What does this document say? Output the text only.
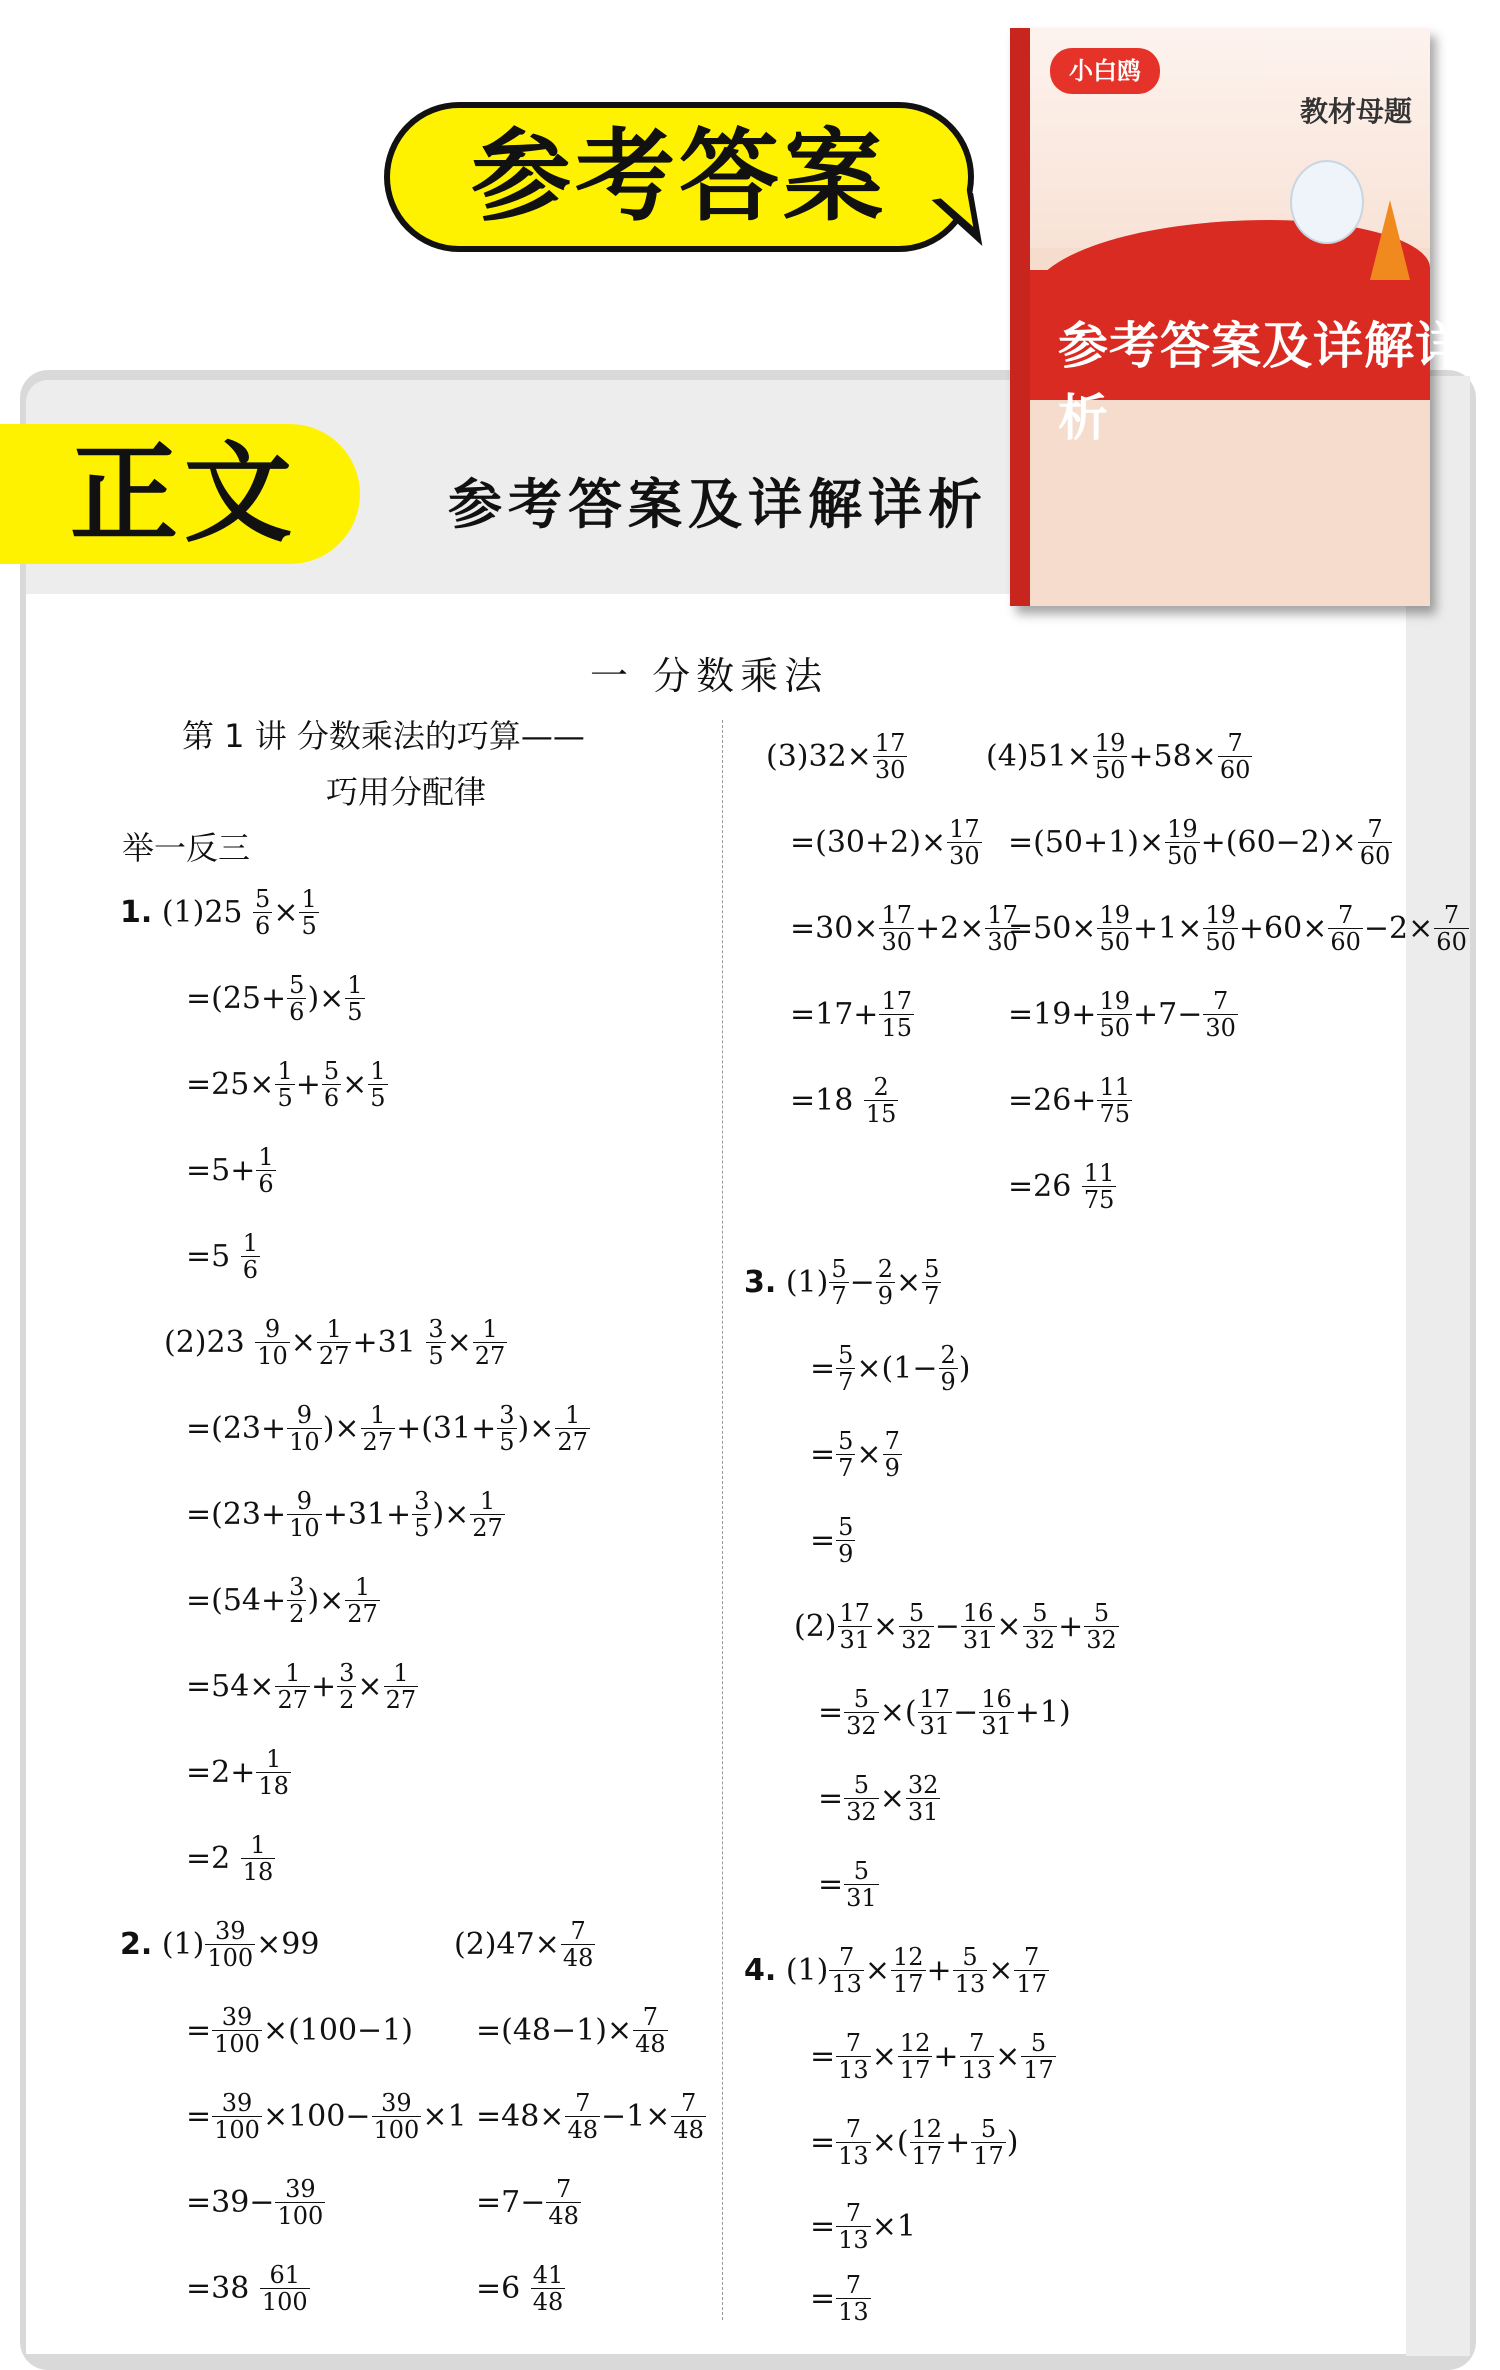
参考答案
正文	参考答案及详解详析
小白鸥
教材母题
参考答案及详解详析
一 分数乘法
第 1 讲 分数乘法的巧算——
巧用分配律
举一反三
1. $(1)25 \frac{5}{6} \times \frac{1}{5}$
$=(25+ \frac{5}{6}$ )× $\frac{1}{5}$
$=25\times \frac{1}{5} + \frac{5}{6} \times \frac{1}{5}$
$=5+ \frac{1}{6}$
$=5 \frac{1}{6}$
$(2)23 \frac{9}{10} \times \frac{1}{27} +31 \frac{3}{5} \times \frac{1}{27}$
$=(23+ \frac{9}{10}$ )× $\frac{1}{27} +(31+ \frac{3}{5}$ )× $\frac{1}{27}$
$=(23+ \frac{9}{10} +31+ \frac{3}{5}$ )× $\frac{1}{27}$
$=(54+ \frac{3}{2}$ )× $\frac{1}{27}$
$=54\times \frac{1}{27} + \frac{3}{2} \times \frac{1}{27}$
$=2+ \frac{1}{18}$
$=2 \frac{1}{18}$
2. $(1) \frac{39}{100} \times 99$
= $\frac{39}{100} \times(100-1)$
= $\frac{39}{100} \times 100- \frac{39}{100} \times 1$
$=39- \frac{39}{100}$
$=38 \frac{61}{100}$
$(2)47\times \frac{7}{48}$
$=(48-1)\times \frac{7}{48}$
$=48\times \frac{7}{48} -1\times \frac{7}{48}$
$=7- \frac{7}{48}$
$=6 \frac{41}{48}$
$(3)32\times \frac{17}{30}$
$=(30+2)\times \frac{17}{30}$
$=30\times \frac{17}{30} +2\times \frac{17}{30}$
$=17+ \frac{17}{15}$
$=18 \frac{2}{15}$
$(4)51\times \frac{19}{50} +58\times \frac{7}{60}$
$=(50+1)\times \frac{19}{50} +(60-2)\times \frac{7}{60}$
$=50\times \frac{19}{50} +1\times \frac{19}{50} +60\times \frac{7}{60} -2\times \frac{7}{60}$
$=19+ \frac{19}{50} +7- \frac{7}{30}$
$=26+ \frac{11}{75}$
$=26 \frac{11}{75}$
3. $(1) \frac{5}{7} - \frac{2}{9} \times \frac{5}{7}$
= $\frac{5}{7} \times(1- \frac{2}{9}$ )
= $\frac{5}{7} \times \frac{7}{9}$
= $\frac{5}{9}$
$(2) \frac{17}{31} \times \frac{5}{32} - \frac{16}{31} \times \frac{5}{32} + \frac{5}{32}$
= $\frac{5}{32}$ ×( $\frac{17}{31} - \frac{16}{31} +1$)
= $\frac{5}{32} \times \frac{32}{31}$
= $\frac{5}{31}$
4. $(1) \frac{7}{13} \times \frac{12}{17} + \frac{5}{13} \times \frac{7}{17}$
= $\frac{7}{13} \times \frac{12}{17} + \frac{7}{13} \times \frac{5}{17}$
= $\frac{7}{13}$ ×( $\frac{12}{17} + \frac{5}{17}$ )
= $\frac{7}{13} \times 1$
= $\frac{7}{13}$
